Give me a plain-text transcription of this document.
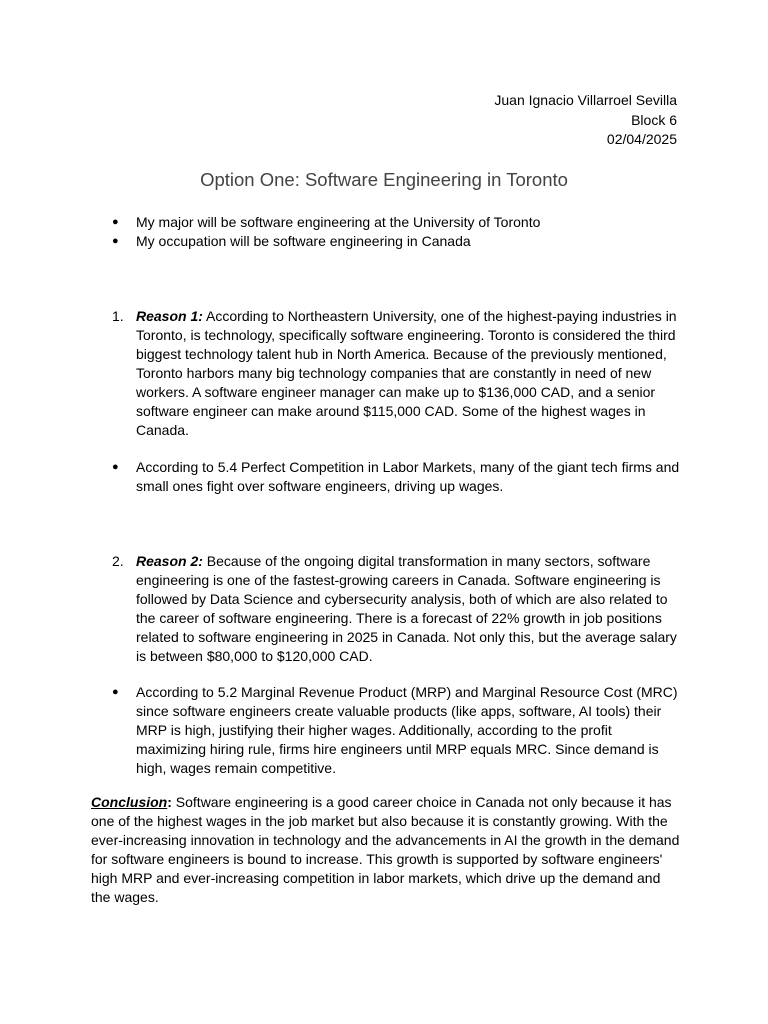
Juan Ignacio Villarroel Sevilla
Block 6
02/04/2025
Option One: Software Engineering in Toronto
● My major will be software engineering at the University of Toronto
● My occupation will be software engineering in Canada
1. Reason 1: According to Northeastern University, one of the highest-paying industries in Toronto, is technology, specifically software engineering. Toronto is considered the third biggest technology talent hub in North America. Because of the previously mentioned, Toronto harbors many big technology companies that are constantly in need of new workers. A software engineer manager can make up to $136,000 CAD, and a senior software engineer can make around $115,000 CAD. Some of the highest wages in Canada.
● According to 5.4 Perfect Competition in Labor Markets, many of the giant tech firms and small ones fight over software engineers, driving up wages.
2. Reason 2: Because of the ongoing digital transformation in many sectors, software engineering is one of the fastest-growing careers in Canada. Software engineering is followed by Data Science and cybersecurity analysis, both of which are also related to the career of software engineering. There is a forecast of 22% growth in job positions related to software engineering in 2025 in Canada. Not only this, but the average salary is between $80,000 to $120,000 CAD.
● According to 5.2 Marginal Revenue Product (MRP) and Marginal Resource Cost (MRC) since software engineers create valuable products (like apps, software, AI tools) their MRP is high, justifying their higher wages. Additionally, according to the profit maximizing hiring rule, firms hire engineers until MRP equals MRC. Since demand is high, wages remain competitive.

Conclusion: Software engineering is a good career choice in Canada not only because it has one of the highest wages in the job market but also because it is constantly growing. With the ever-increasing innovation in technology and the advancements in AI the growth in the demand for software engineers is bound to increase. This growth is supported by software engineers' high MRP and ever-increasing competition in labor markets, which drive up the demand and the wages.
